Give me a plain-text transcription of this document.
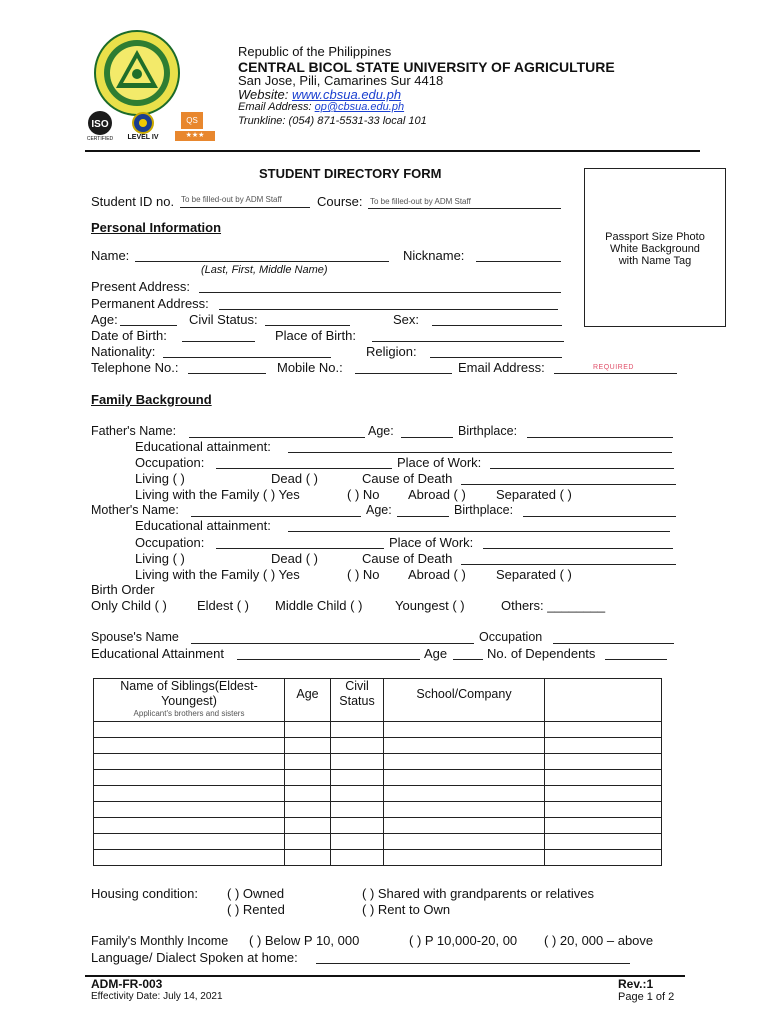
ISO
CERTIFIED	LEVEL IV
QS
★★★
Republic of the Philippines
CENTRAL BICOL STATE UNIVERSITY OF AGRICULTURE
San Jose, Pili, Camarines Sur 4418
Website: www.cbsua.edu.ph
Email Address: op@cbsua.edu.ph
Trunkline: (054) 871-5531-33 local 101
STUDENT DIRECTORY FORM
Student ID no. To be filled-out by ADM Staff	Course: To be filled-out by ADM Staff
Passport Size Photo
White Background
with Name Tag
Personal Information
Name:	Nickname:
(Last, First, Middle Name)
Present Address:
Permanent Address:
Age:	Civil Status:	Sex:
Date of Birth:	Place of Birth:
Nationality:	Religion:
Telephone No.:	Mobile No.:	Email Address:	REQUIRED
Family Background
Father's Name:	Age:	Birthplace:
Educational attainment:
Occupation:	Place of Work:
Living ( )	Dead ( )	Cause of Death
Living with the Family ( ) Yes	( ) No Abroad ( ) Separated ( )
Mother's Name:	Age:	Birthplace:
Educational attainment:
Occupation:	Place of Work:
Living ( )	Dead ( )	Cause of Death
Living with the Family ( ) Yes	( ) No Abroad ( ) Separated ( )
Birth Order
Only Child ( ) Eldest ( ) Middle Child ( )	Youngest ( )	Others: ________
Spouse's Name	Occupation
Educational Attainment	Age	No. of Dependents
Name of Siblings(Eldest-Youngest)
Applicant's brothers and sisters	Age	Civil Status	School/Company	

Housing condition: ( ) Owned
( ) Rented
( ) Shared with grandparents or relatives
( ) Rent to Own
Family's Monthly Income ( ) Below P 10, 000	( ) P 10,000-20, 00 ( ) 20, 000 – above
Language/ Dialect Spoken at home:
ADM-FR-003
Effectivity Date: July 14, 2021
Rev.:1
Page 1 of 2
